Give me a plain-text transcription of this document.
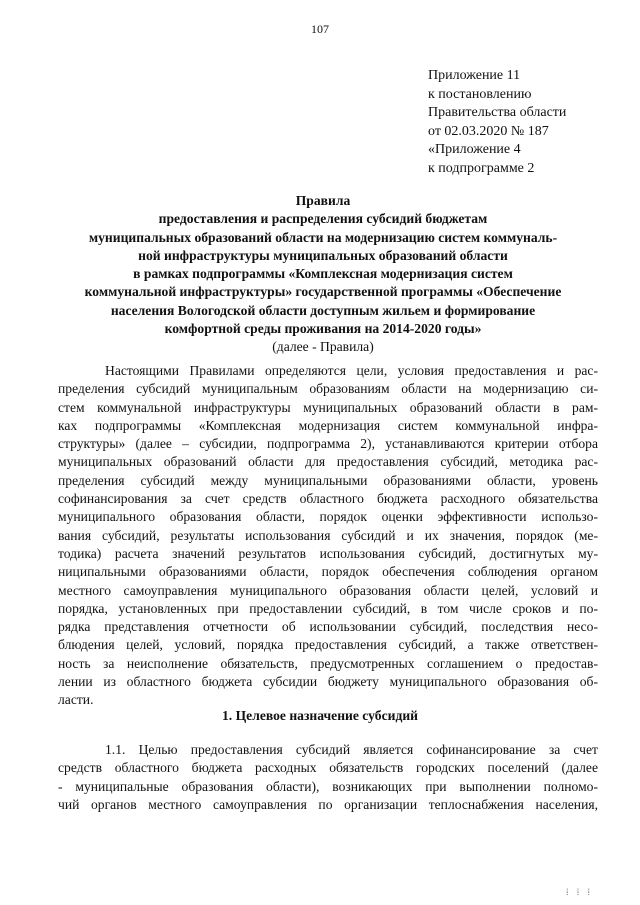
107
Приложение 11
к постановлению
Правительства области
от 02.03.2020 № 187
«Приложение 4
к подпрограмме 2
Правила
предоставления и распределения субсидий бюджетам
муниципальных образований области на модернизацию систем коммуналь-
ной инфраструктуры муниципальных образований области
в рамках подпрограммы «Комплексная модернизация систем
коммунальной инфраструктуры» государственной программы «Обеспечение
населения Вологодской области доступным жильем и формирование
комфортной среды проживания на 2014-2020 годы»
(далее - Правила)
Настоящими Правилами определяются цели, условия предоставления и рас-
пределения субсидий муниципальным образованиям области на модернизацию си-
стем коммунальной инфраструктуры муниципальных образований области в рам-
ках подпрограммы «Комплексная модернизация систем коммунальной инфра-
структуры» (далее – субсидии, подпрограмма 2), устанавливаются критерии отбора
муниципальных образований области для предоставления субсидий, методика рас-
пределения субсидий между муниципальными образованиями области, уровень
софинансирования за счет средств областного бюджета расходного обязательства
муниципального образования области, порядок оценки эффективности использо-
вания субсидий, результаты использования субсидий и их значения, порядок (ме-
тодика) расчета значений результатов использования субсидий, достигнутых му-
ниципальными образованиями области, порядок обеспечения соблюдения органом
местного самоуправления муниципального образования области целей, условий и
порядка, установленных при предоставлении субсидий, в том числе сроков и по-
рядка представления отчетности об использовании субсидий, последствия несо-
блюдения целей, условий, порядка предоставления субсидий, а также ответствен-
ность за неисполнение обязательств, предусмотренных соглашением о предостав-
лении из областного бюджета субсидии бюджету муниципального образования об-
ласти.
1. Целевое назначение субсидий
1.1. Целью предоставления субсидий является софинансирование за счет
средств областного бюджета расходных обязательств городских поселений (далее
- муниципальные образования области), возникающих при выполнении полномо-
чий органов местного самоуправления по организации теплоснабжения населения,
⁞ ⁞ ⁞
